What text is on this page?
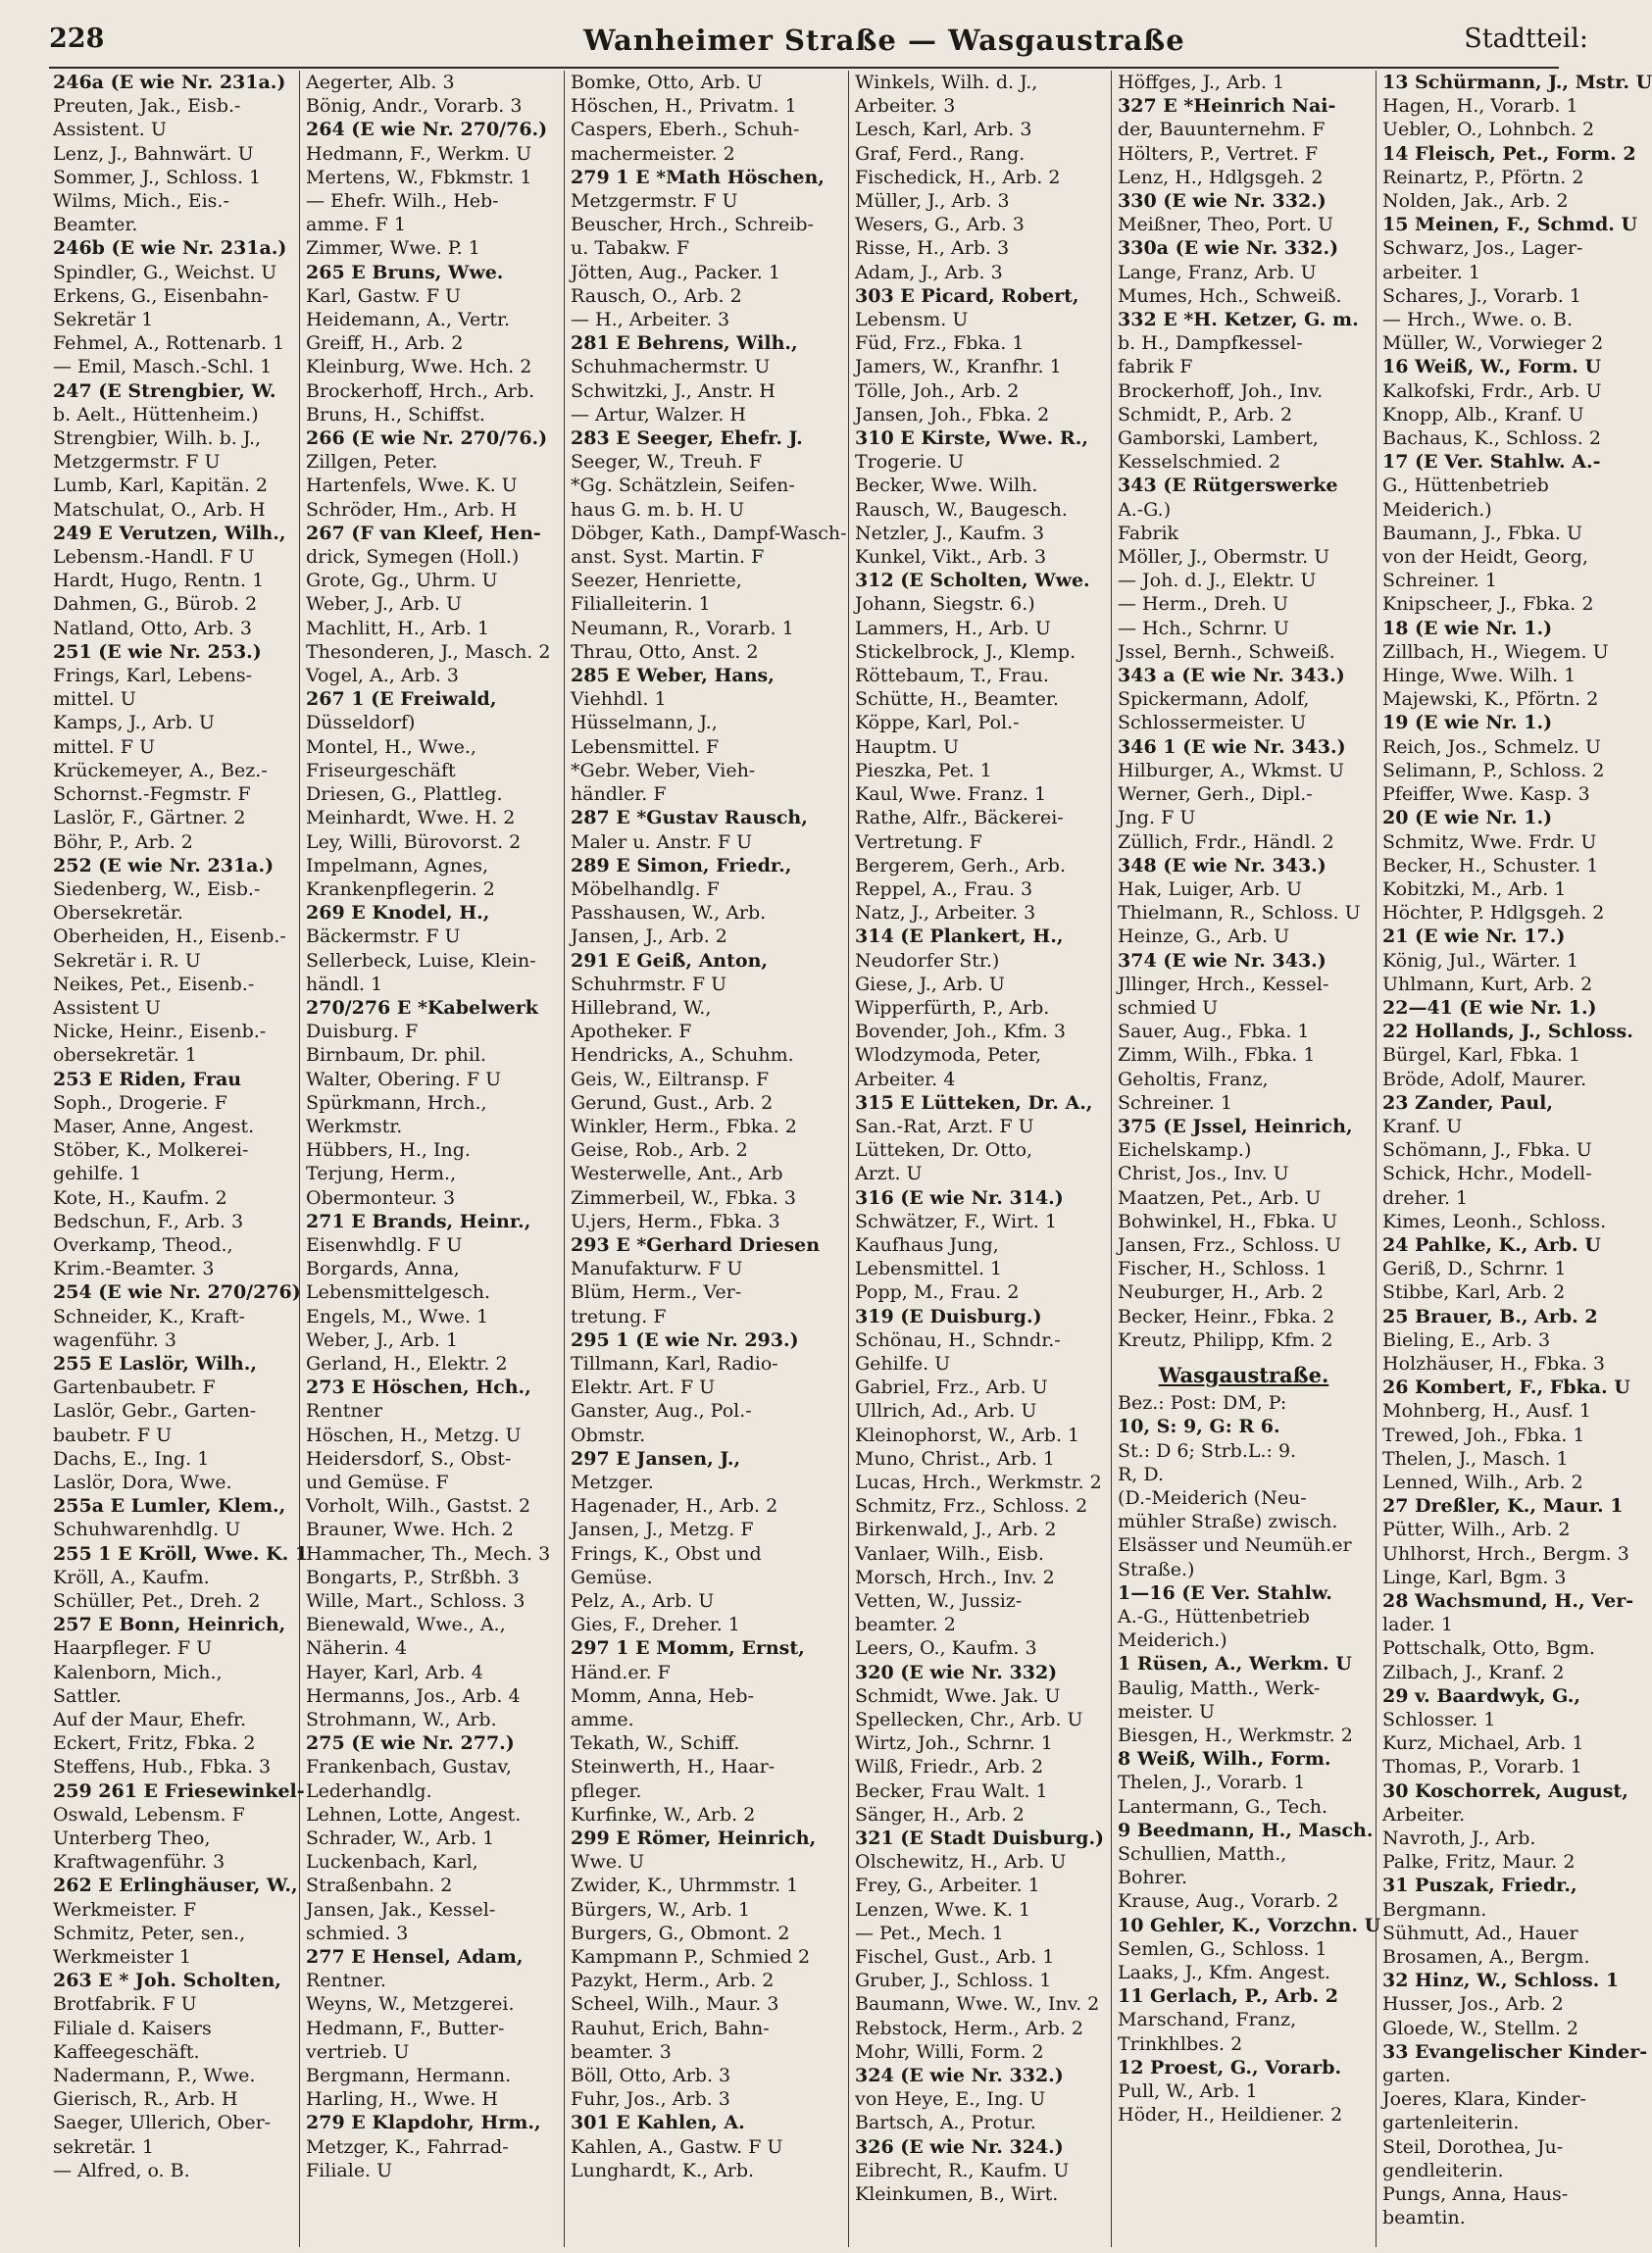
228	Wanheimer Straße — Wasgaustraße	Stadtteil:
246a (E wie Nr. 231a.)
Preuten, Jak., Eisb.-
Assistent. U
Lenz, J., Bahnwärt. U
Sommer, J., Schloss. 1
Wilms, Mich., Eis.-
Beamter.
246b (E wie Nr. 231a.)
Spindler, G., Weichst. U
Erkens, G., Eisenbahn-
Sekretär 1
Fehmel, A., Rottenarb. 1
— Emil, Masch.-Schl. 1
247 (E Strengbier, W.
b. Aelt., Hüttenheim.)
Strengbier, Wilh. b. J.,
Metzgermstr. F U
Lumb, Karl, Kapitän. 2
Matschulat, O., Arb. H
249 E Verutzen, Wilh.,
Lebensm.-Handl. F U
Hardt, Hugo, Rentn. 1
Dahmen, G., Bürob. 2
Natland, Otto, Arb. 3
251 (E wie Nr. 253.)
Frings, Karl, Lebens-
mittel. U
Kamps, J., Arb. U
mittel. F U
Krückemeyer, A., Bez.-
Schornst.-Fegmstr. F
Laslör, F., Gärtner. 2
Böhr, P., Arb. 2
252 (E wie Nr. 231a.)
Siedenberg, W., Eisb.-
Obersekretär.
Oberheiden, H., Eisenb.-
Sekretär i. R. U
Neikes, Pet., Eisenb.-
Assistent U
Nicke, Heinr., Eisenb.-
obersekretär. 1
253 E Riden, Frau
Soph., Drogerie. F
Maser, Anne, Angest.
Stöber, K., Molkerei-
gehilfe. 1
Kote, H., Kaufm. 2
Bedschun, F., Arb. 3
Overkamp, Theod.,
Krim.-Beamter. 3
254 (E wie Nr. 270/276)
Schneider, K., Kraft-
wagenführ. 3
255 E Laslör, Wilh.,
Gartenbaubetr. F
Laslör, Gebr., Garten-
baubetr. F U
Dachs, E., Ing. 1
Laslör, Dora, Wwe.
255a E Lumler, Klem.,
Schuhwarenhdlg. U
255 1 E Kröll, Wwe. K. 1
Kröll, A., Kaufm.
Schüller, Pet., Dreh. 2
257 E Bonn, Heinrich,
Haarpfleger. F U
Kalenborn, Mich.,
Sattler.
Auf der Maur, Ehefr.
Eckert, Fritz, Fbka. 2
Steffens, Hub., Fbka. 3
259 261 E Friesewinkel-
Oswald, Lebensm. F
Unterberg Theo,
Kraftwagenführ. 3
262 E Erlinghäuser, W.,
Werkmeister. F
Schmitz, Peter, sen.,
Werkmeister 1
263 E * Joh. Scholten,
Brotfabrik. F U
Filiale d. Kaisers
Kaffeegeschäft.
Nadermann, P., Wwe.
Gierisch, R., Arb. H
Saeger, Ullerich, Ober-
sekretär. 1
— Alfred, o. B.
Aegerter, Alb. 3
Bönig, Andr., Vorarb. 3
264 (E wie Nr. 270/76.)
Hedmann, F., Werkm. U
Mertens, W., Fbkmstr. 1
— Ehefr. Wilh., Heb-
amme. F 1
Zimmer, Wwe. P. 1
265 E Bruns, Wwe.
Karl, Gastw. F U
Heidemann, A., Vertr.
Greiff, H., Arb. 2
Kleinburg, Wwe. Hch. 2
Brockerhoff, Hrch., Arb.
Bruns, H., Schiffst.
266 (E wie Nr. 270/76.)
Zillgen, Peter.
Hartenfels, Wwe. K. U
Schröder, Hm., Arb. H
267 (F van Kleef, Hen-
drick, Symegen (Holl.)
Grote, Gg., Uhrm. U
Weber, J., Arb. U
Machlitt, H., Arb. 1
Thesonderen, J., Masch. 2
Vogel, A., Arb. 3
267 1 (E Freiwald,
Düsseldorf)
Montel, H., Wwe.,
Friseurgeschäft
Driesen, G., Plattleg.
Meinhardt, Wwe. H. 2
Ley, Willi, Bürovorst. 2
Impelmann, Agnes,
Krankenpflegerin. 2
269 E Knodel, H.,
Bäckermstr. F U
Sellerbeck, Luise, Klein-
händl. 1
270/276 E *Kabelwerk
Duisburg. F
Birnbaum, Dr. phil.
Walter, Obering. F U
Spürkmann, Hrch.,
Werkmstr.
Hübbers, H., Ing.
Terjung, Herm.,
Obermonteur. 3
271 E Brands, Heinr.,
Eisenwhdlg. F U
Borgards, Anna,
Lebensmittelgesch.
Engels, M., Wwe. 1
Weber, J., Arb. 1
Gerland, H., Elektr. 2
273 E Höschen, Hch.,
Rentner
Höschen, H., Metzg. U
Heidersdorf, S., Obst-
und Gemüse. F
Vorholt, Wilh., Gastst. 2
Brauner, Wwe. Hch. 2
Hammacher, Th., Mech. 3
Bongarts, P., Strßbh. 3
Wille, Mart., Schloss. 3
Bienewald, Wwe., A.,
Näherin. 4
Hayer, Karl, Arb. 4
Hermanns, Jos., Arb. 4
Strohmann, W., Arb.
275 (E wie Nr. 277.)
Frankenbach, Gustav,
Lederhandlg.
Lehnen, Lotte, Angest.
Schrader, W., Arb. 1
Luckenbach, Karl,
Straßenbahn. 2
Jansen, Jak., Kessel-
schmied. 3
277 E Hensel, Adam,
Rentner.
Weyns, W., Metzgerei.
Hedmann, F., Butter-
vertrieb. U
Bergmann, Hermann.
Harling, H., Wwe. H
279 E Klapdohr, Hrm.,
Metzger, K., Fahrrad-
Filiale. U
Bomke, Otto, Arb. U
Höschen, H., Privatm. 1
Caspers, Eberh., Schuh-
machermeister. 2
279 1 E *Math Höschen,
Metzgermstr. F U
Beuscher, Hrch., Schreib-
u. Tabakw. F
Jötten, Aug., Packer. 1
Rausch, O., Arb. 2
— H., Arbeiter. 3
281 E Behrens, Wilh.,
Schuhmachermstr. U
Schwitzki, J., Anstr. H
— Artur, Walzer. H
283 E Seeger, Ehefr. J.
Seeger, W., Treuh. F
*Gg. Schätzlein, Seifen-
haus G. m. b. H. U
Döbger, Kath., Dampf-Wasch-
anst. Syst. Martin. F
Seezer, Henriette,
Filialleiterin. 1
Neumann, R., Vorarb. 1
Thrau, Otto, Anst. 2
285 E Weber, Hans,
Viehhdl. 1
Hüsselmann, J.,
Lebensmittel. F
*Gebr. Weber, Vieh-
händler. F
287 E *Gustav Rausch,
Maler u. Anstr. F U
289 E Simon, Friedr.,
Möbelhandlg. F
Passhausen, W., Arb.
Jansen, J., Arb. 2
291 E Geiß, Anton,
Schuhrmstr. F U
Hillebrand, W.,
Apotheker. F
Hendricks, A., Schuhm.
Geis, W., Eiltransp. F
Gerund, Gust., Arb. 2
Winkler, Herm., Fbka. 2
Geise, Rob., Arb. 2
Westerwelle, Ant., Arb
Zimmerbeil, W., Fbka. 3
U.jers, Herm., Fbka. 3
293 E *Gerhard Driesen
Manufakturw. F U
Blüm, Herm., Ver-
tretung. F
295 1 (E wie Nr. 293.)
Tillmann, Karl, Radio-
Elektr. Art. F U
Ganster, Aug., Pol.-
Obmstr.
297 E Jansen, J.,
Metzger.
Hagenader, H., Arb. 2
Jansen, J., Metzg. F
Frings, K., Obst und
Gemüse.
Pelz, A., Arb. U
Gies, F., Dreher. 1
297 1 E Momm, Ernst,
Händ.er. F
Momm, Anna, Heb-
amme.
Tekath, W., Schiff.
Steinwerth, H., Haar-
pfleger.
Kurfinke, W., Arb. 2
299 E Römer, Heinrich,
Wwe. U
Zwider, K., Uhrmmstr. 1
Bürgers, W., Arb. 1
Burgers, G., Obmont. 2
Kampmann P., Schmied 2
Pazykt, Herm., Arb. 2
Scheel, Wilh., Maur. 3
Rauhut, Erich, Bahn-
beamter. 3
Böll, Otto, Arb. 3
Fuhr, Jos., Arb. 3
301 E Kahlen, A.
Kahlen, A., Gastw. F U
Lunghardt, K., Arb.
Winkels, Wilh. d. J.,
Arbeiter. 3
Lesch, Karl, Arb. 3
Graf, Ferd., Rang.
Fischedick, H., Arb. 2
Müller, J., Arb. 3
Wesers, G., Arb. 3
Risse, H., Arb. 3
Adam, J., Arb. 3
303 E Picard, Robert,
Lebensm. U
Füd, Frz., Fbka. 1
Jamers, W., Kranfhr. 1
Tölle, Joh., Arb. 2
Jansen, Joh., Fbka. 2
310 E Kirste, Wwe. R.,
Trogerie. U
Becker, Wwe. Wilh.
Rausch, W., Baugesch.
Netzler, J., Kaufm. 3
Kunkel, Vikt., Arb. 3
312 (E Scholten, Wwe.
Johann, Siegstr. 6.)
Lammers, H., Arb. U
Stickelbrock, J., Klemp.
Röttebaum, T., Frau.
Schütte, H., Beamter.
Köppe, Karl, Pol.-
Hauptm. U
Pieszka, Pet. 1
Kaul, Wwe. Franz. 1
Rathe, Alfr., Bäckerei-
Vertretung. F
Bergerem, Gerh., Arb.
Reppel, A., Frau. 3
Natz, J., Arbeiter. 3
314 (E Plankert, H.,
Neudorfer Str.)
Giese, J., Arb. U
Wipperfürth, P., Arb.
Bovender, Joh., Kfm. 3
Wlodzymoda, Peter,
Arbeiter. 4
315 E Lütteken, Dr. A.,
San.-Rat, Arzt. F U
Lütteken, Dr. Otto,
Arzt. U
316 (E wie Nr. 314.)
Schwätzer, F., Wirt. 1
Kaufhaus Jung,
Lebensmittel. 1
Popp, M., Frau. 2
319 (E Duisburg.)
Schönau, H., Schndr.-
Gehilfe. U
Gabriel, Frz., Arb. U
Ullrich, Ad., Arb. U
Kleinophorst, W., Arb. 1
Muno, Christ., Arb. 1
Lucas, Hrch., Werkmstr. 2
Schmitz, Frz., Schloss. 2
Birkenwald, J., Arb. 2
Vanlaer, Wilh., Eisb.
Morsch, Hrch., Inv. 2
Vetten, W., Jussiz-
beamter. 2
Leers, O., Kaufm. 3
320 (E wie Nr. 332)
Schmidt, Wwe. Jak. U
Spellecken, Chr., Arb. U
Wirtz, Joh., Schrnr. 1
Wilß, Friedr., Arb. 2
Becker, Frau Walt. 1
Sänger, H., Arb. 2
321 (E Stadt Duisburg.)
Olschewitz, H., Arb. U
Frey, G., Arbeiter. 1
Lenzen, Wwe. K. 1
— Pet., Mech. 1
Fischel, Gust., Arb. 1
Gruber, J., Schloss. 1
Baumann, Wwe. W., Inv. 2
Rebstock, Herm., Arb. 2
Mohr, Willi, Form. 2
324 (E wie Nr. 332.)
von Heye, E., Ing. U
Bartsch, A., Protur.
326 (E wie Nr. 324.)
Eibrecht, R., Kaufm. U
Kleinkumen, B., Wirt.
Höffges, J., Arb. 1
327 E *Heinrich Nai-
der, Bauunternehm. F
Hölters, P., Vertret. F
Lenz, H., Hdlgsgeh. 2
330 (E wie Nr. 332.)
Meißner, Theo, Port. U
330a (E wie Nr. 332.)
Lange, Franz, Arb. U
Mumes, Hch., Schweiß.
332 E *H. Ketzer, G. m.
b. H., Dampfkessel-
fabrik F
Brockerhoff, Joh., Inv.
Schmidt, P., Arb. 2
Gamborski, Lambert,
Kesselschmied. 2
343 (E Rütgerswerke
A.-G.)
Fabrik
Möller, J., Obermstr. U
— Joh. d. J., Elektr. U
— Herm., Dreh. U
— Hch., Schrnr. U
Jssel, Bernh., Schweiß.
343 a (E wie Nr. 343.)
Spickermann, Adolf,
Schlossermeister. U
346 1 (E wie Nr. 343.)
Hilburger, A., Wkmst. U
Werner, Gerh., Dipl.-
Jng. F U
Züllich, Frdr., Händl. 2
348 (E wie Nr. 343.)
Hak, Luiger, Arb. U
Thielmann, R., Schloss. U
Heinze, G., Arb. U
374 (E wie Nr. 343.)
Jllinger, Hrch., Kessel-
schmied U
Sauer, Aug., Fbka. 1
Zimm, Wilh., Fbka. 1
Geholtis, Franz,
Schreiner. 1
375 (E Jssel, Heinrich,
Eichelskamp.)
Christ, Jos., Inv. U
Maatzen, Pet., Arb. U
Bohwinkel, H., Fbka. U
Jansen, Frz., Schloss. U
Fischer, H., Schloss. 1
Neuburger, H., Arb. 2
Becker, Heinr., Fbka. 2
Kreutz, Philipp, Kfm. 2
Wasgaustraße.
Bez.: Post: DM, P:
10, S: 9, G: R 6.
St.: D 6; Strb.L.: 9.
R, D.
(D.-Meiderich (Neu-
mühler Straße) zwisch.
Elsässer und Neumüh.er
Straße.)
1—16 (E Ver. Stahlw.
A.-G., Hüttenbetrieb
Meiderich.)
1 Rüsen, A., Werkm. U
Baulig, Matth., Werk-
meister. U
Biesgen, H., Werkmstr. 2
8 Weiß, Wilh., Form.
Thelen, J., Vorarb. 1
Lantermann, G., Tech.
9 Beedmann, H., Masch.
Schullien, Matth.,
Bohrer.
Krause, Aug., Vorarb. 2
10 Gehler, K., Vorzchn. U
Semlen, G., Schloss. 1
Laaks, J., Kfm. Angest.
11 Gerlach, P., Arb. 2
Marschand, Franz,
Trinkhlbes. 2
12 Proest, G., Vorarb.
Pull, W., Arb. 1
Höder, H., Heildiener. 2
13 Schürmann, J., Mstr. U
Hagen, H., Vorarb. 1
Uebler, O., Lohnbch. 2
14 Fleisch, Pet., Form. 2
Reinartz, P., Pförtn. 2
Nolden, Jak., Arb. 2
15 Meinen, F., Schmd. U
Schwarz, Jos., Lager-
arbeiter. 1
Schares, J., Vorarb. 1
— Hrch., Wwe. o. B.
Müller, W., Vorwieger 2
16 Weiß, W., Form. U
Kalkofski, Frdr., Arb. U
Knopp, Alb., Kranf. U
Bachaus, K., Schloss. 2
17 (E Ver. Stahlw. A.-
G., Hüttenbetrieb
Meiderich.)
Baumann, J., Fbka. U
von der Heidt, Georg,
Schreiner. 1
Knipscheer, J., Fbka. 2
18 (E wie Nr. 1.)
Zillbach, H., Wiegem. U
Hinge, Wwe. Wilh. 1
Majewski, K., Pförtn. 2
19 (E wie Nr. 1.)
Reich, Jos., Schmelz. U
Selimann, P., Schloss. 2
Pfeiffer, Wwe. Kasp. 3
20 (E wie Nr. 1.)
Schmitz, Wwe. Frdr. U
Becker, H., Schuster. 1
Kobitzki, M., Arb. 1
Höchter, P. Hdlgsgeh. 2
21 (E wie Nr. 17.)
König, Jul., Wärter. 1
Uhlmann, Kurt, Arb. 2
22—41 (E wie Nr. 1.)
22 Hollands, J., Schloss.
Bürgel, Karl, Fbka. 1
Bröde, Adolf, Maurer.
23 Zander, Paul,
Kranf. U
Schömann, J., Fbka. U
Schick, Hchr., Modell-
dreher. 1
Kimes, Leonh., Schloss.
24 Pahlke, K., Arb. U
Geriß, D., Schrnr. 1
Stibbe, Karl, Arb. 2
25 Brauer, B., Arb. 2
Bieling, E., Arb. 3
Holzhäuser, H., Fbka. 3
26 Kombert, F., Fbka. U
Mohnberg, H., Ausf. 1
Trewed, Joh., Fbka. 1
Thelen, J., Masch. 1
Lenned, Wilh., Arb. 2
27 Dreßler, K., Maur. 1
Pütter, Wilh., Arb. 2
Uhlhorst, Hrch., Bergm. 3
Linge, Karl, Bgm. 3
28 Wachsmund, H., Ver-
lader. 1
Pottschalk, Otto, Bgm.
Zilbach, J., Kranf. 2
29 v. Baardwyk, G.,
Schlosser. 1
Kurz, Michael, Arb. 1
Thomas, P., Vorarb. 1
30 Koschorrek, August,
Arbeiter.
Navroth, J., Arb.
Palke, Fritz, Maur. 2
31 Puszak, Friedr.,
Bergmann.
Sühmutt, Ad., Hauer
Brosamen, A., Bergm.
32 Hinz, W., Schloss. 1
Husser, Jos., Arb. 2
Gloede, W., Stellm. 2
33 Evangelischer Kinder-
garten.
Joeres, Klara, Kinder-
gartenleiterin.
Steil, Dorothea, Ju-
gendleiterin.
Pungs, Anna, Haus-
beamtin.
